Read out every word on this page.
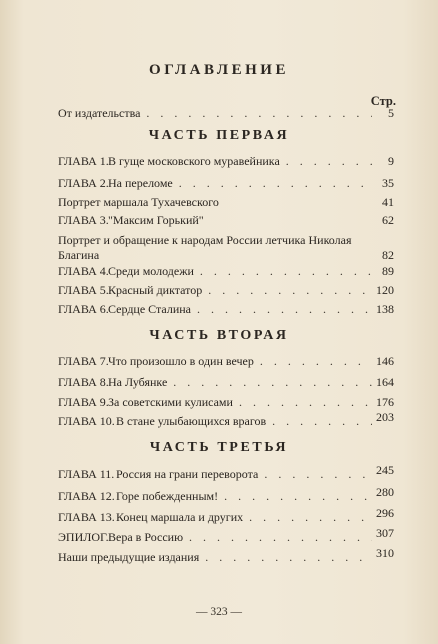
ОГЛАВЛЕНИЕ
Стр.
От издательства . . .	5
ЧАСТЬ ПЕРВАЯ
ГЛАВА 1. В гуще московского муравейника . . .	9
ГЛАВА 2. На переломе . . .	35
Портрет маршала Тухачевского	41
ГЛАВА 3. "Максим Горький"	62
Портрет и обращение к народам России летчика Николая Благина	82
ГЛАВА 4. Среди молодежи . . .	89
ГЛАВА 5. Красный диктатор . . .	120
ГЛАВА 6. Сердце Сталина . . .	138
ЧАСТЬ ВТОРАЯ
ГЛАВА 7. Что произошло в один вечер . . .	146
ГЛАВА 8. На Лубянке . . .	164
ГЛАВА 9. За советскими кулисами . . .	176
ГЛАВА 10. В стане улыбающихся врагов . . .	203
ЧАСТЬ ТРЕТЬЯ
ГЛАВА 11. Россия на грани переворота . . .	245
ГЛАВА 12. Горе побежденным! . . .	280
ГЛАВА 13. Конец маршала и других . . .	296
ЭПИЛОГ. Вера в Россию . . .	307
Наши предыдущие издания . . .	310
— 323 —
